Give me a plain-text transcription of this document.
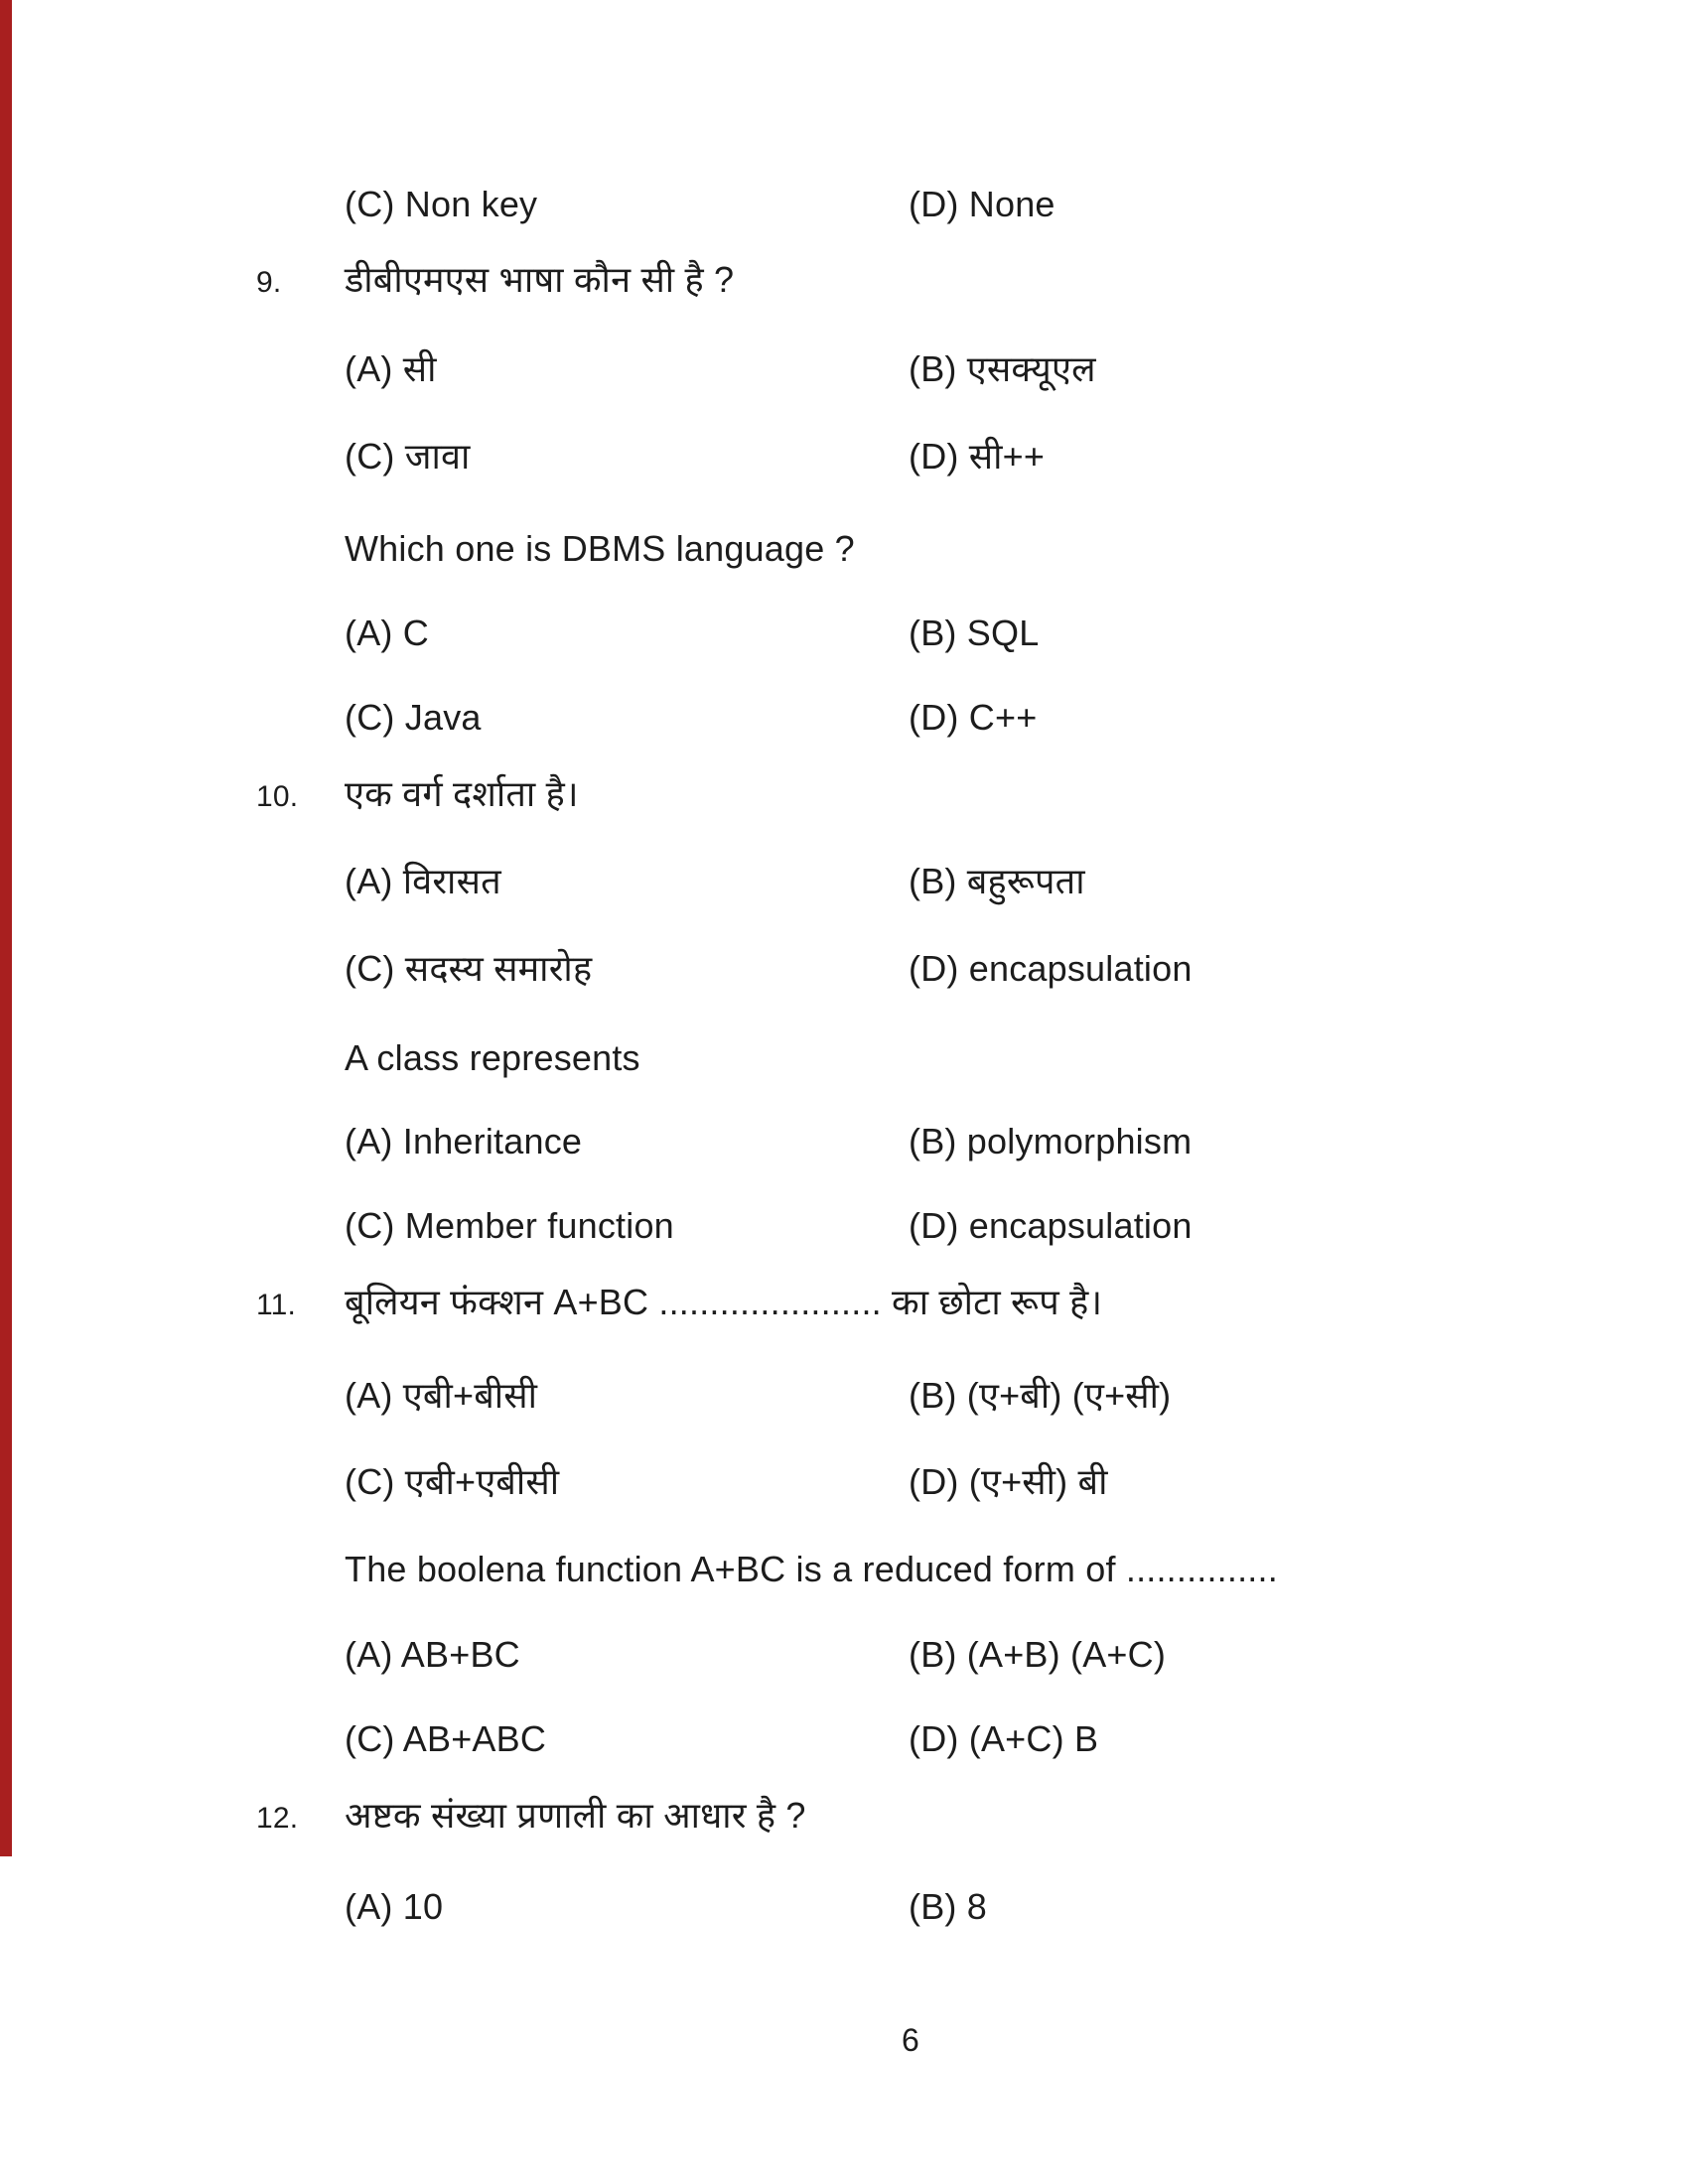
(C) Non key	(D) None
9. डीबीएमएस भाषा कौन सी है ?
(A) सी	(B) एसक्यूएल
(C) जावा	(D) सी++
Which one is DBMS language ?
(A) C	(B) SQL
(C) Java	(D) C++
10. एक वर्ग दर्शाता है।
(A) विरासत	(B) बहुरूपता
(C) सदस्य समारोह	(D) encapsulation
A class represents
(A) Inheritance	(B) polymorphism
(C) Member function	(D) encapsulation
11. बूलियन फंक्शन A+BC ...................... का छोटा रूप है।
(A) एबी+बीसी	(B) (ए+बी) (ए+सी)
(C) एबी+एबीसी	(D) (ए+सी) बी
The boolena function A+BC is a reduced form of ...............
(A) AB+BC	(B) (A+B) (A+C)
(C) AB+ABC	(D) (A+C) B
12. अष्टक संख्या प्रणाली का आधार है ?
(A) 10	(B) 8
6
